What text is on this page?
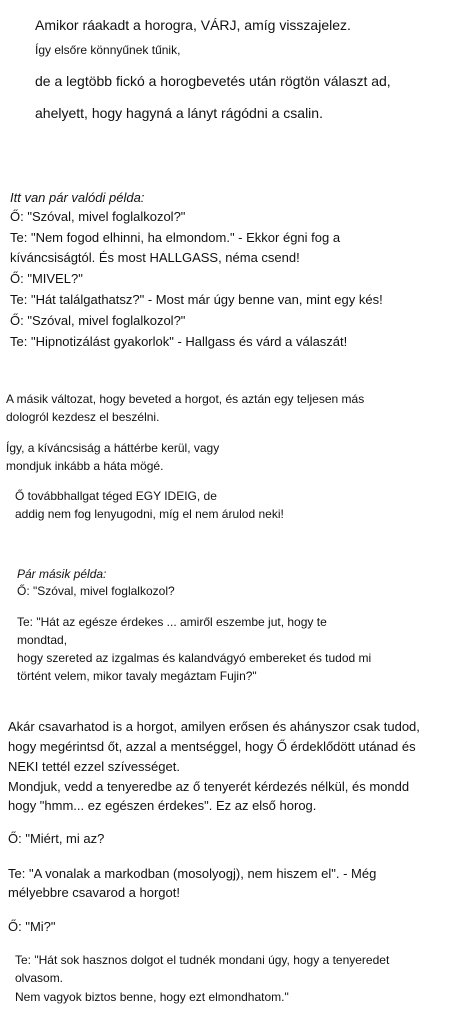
Amikor ráakadt a horogra, VÁRJ, amíg visszajelez.
Így elsőre könnyűnek tűnik,
de a legtöbb fickó a horogbevetés után rögtön választ ad,
ahelyett, hogy hagyná a lányt rágódni a csalin.
Itt van pár valódi példa:
Ő: "Szóval, mivel foglalkozol?"
Te: "Nem fogod elhinni, ha elmondom." - Ekkor égni fog a
kíváncsiságtól. És most HALLGASS, néma csend!
Ő: "MIVEL?"
Te: "Hát találgathatsz?" - Most már úgy benne van, mint egy kés!
Ő: "Szóval, mivel foglalkozol?"
Te: "Hipnotizálást gyakorlok" - Hallgass és várd a válaszát!
A másik változat, hogy beveted a horgot, és aztán egy teljesen más
dologról kezdesz el beszélni.
Így, a kíváncsiság a háttérbe kerül, vagy
mondjuk inkább a háta mögé.
Ő továbbhallgat téged EGY IDEIG, de
addig nem fog lenyugodni, míg el nem árulod neki!
Pár másik példa:
Ő: "Szóval, mivel foglalkozol?
Te: "Hát az egésze érdekes ... amiről eszembe jut, hogy te
mondtad,
hogy szereted az izgalmas és kalandvágyó embereket és tudod mi
történt velem, mikor tavaly megáztam Fujin?"
Akár csavarhatod is a horgot, amilyen erősen és ahányszor csak tudod,
hogy megérintsd őt, azzal a mentséggel, hogy Ő érdeklődött utánad és
NEKI tettél ezzel szívességet.
Mondjuk, vedd a tenyeredbe az ő tenyerét kérdezés nélkül, és mondd
hogy "hmm... ez egészen érdekes". Ez az első horog.
Ő: "Miért, mi az?
Te: "A vonalak a markodban (mosolyogj), nem hiszem el". - Még
mélyebbre csavarod a horgot!
Ő: "Mi?"
Te: "Hát sok hasznos dolgot el tudnék mondani úgy, hogy a tenyeredet
olvasom.
Nem vagyok biztos benne, hogy ezt elmondhatom."
